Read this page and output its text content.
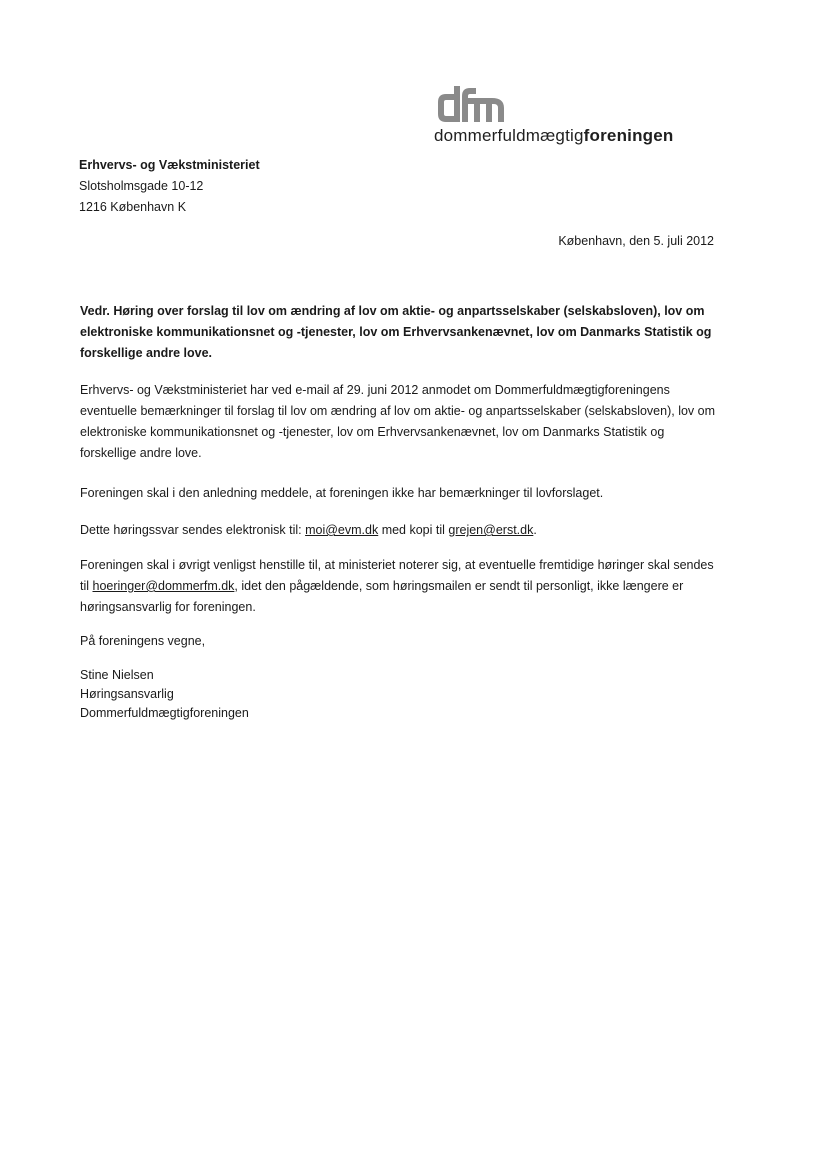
dommerfuldmægtigforeningen
Erhvervs- og Vækstministeriet
Slotsholmsgade 10-12
1216 København K
København, den 5. juli 2012
Vedr. Høring over forslag til lov om ændring af lov om aktie- og anpartsselskaber (selskabsloven), lov om elektroniske kommunikationsnet og -tjenester, lov om Erhvervsankenævnet, lov om Danmarks Statistik og forskellige andre love.
Erhvervs- og Vækstministeriet har ved e-mail af 29. juni 2012 anmodet om Dommerfuldmægtigforeningens eventuelle bemærkninger til forslag til lov om ændring af lov om aktie- og anpartsselskaber (selskabsloven), lov om elektroniske kommunikationsnet og -tjenester, lov om Erhvervsankenævnet, lov om Danmarks Statistik og forskellige andre love.
Foreningen skal i den anledning meddele, at foreningen ikke har bemærkninger til lovforslaget.
Dette høringssvar sendes elektronisk til: moi@evm.dk med kopi til grejen@erst.dk.
Foreningen skal i øvrigt venligst henstille til, at ministeriet noterer sig, at eventuelle fremtidige høringer skal sendes til hoeringer@dommerfm.dk, idet den pågældende, som høringsmailen er sendt til personligt, ikke længere er høringsansvarlig for foreningen.
På foreningens vegne,
Stine Nielsen
Høringsansvarlig
Dommerfuldmægtigforeningen
